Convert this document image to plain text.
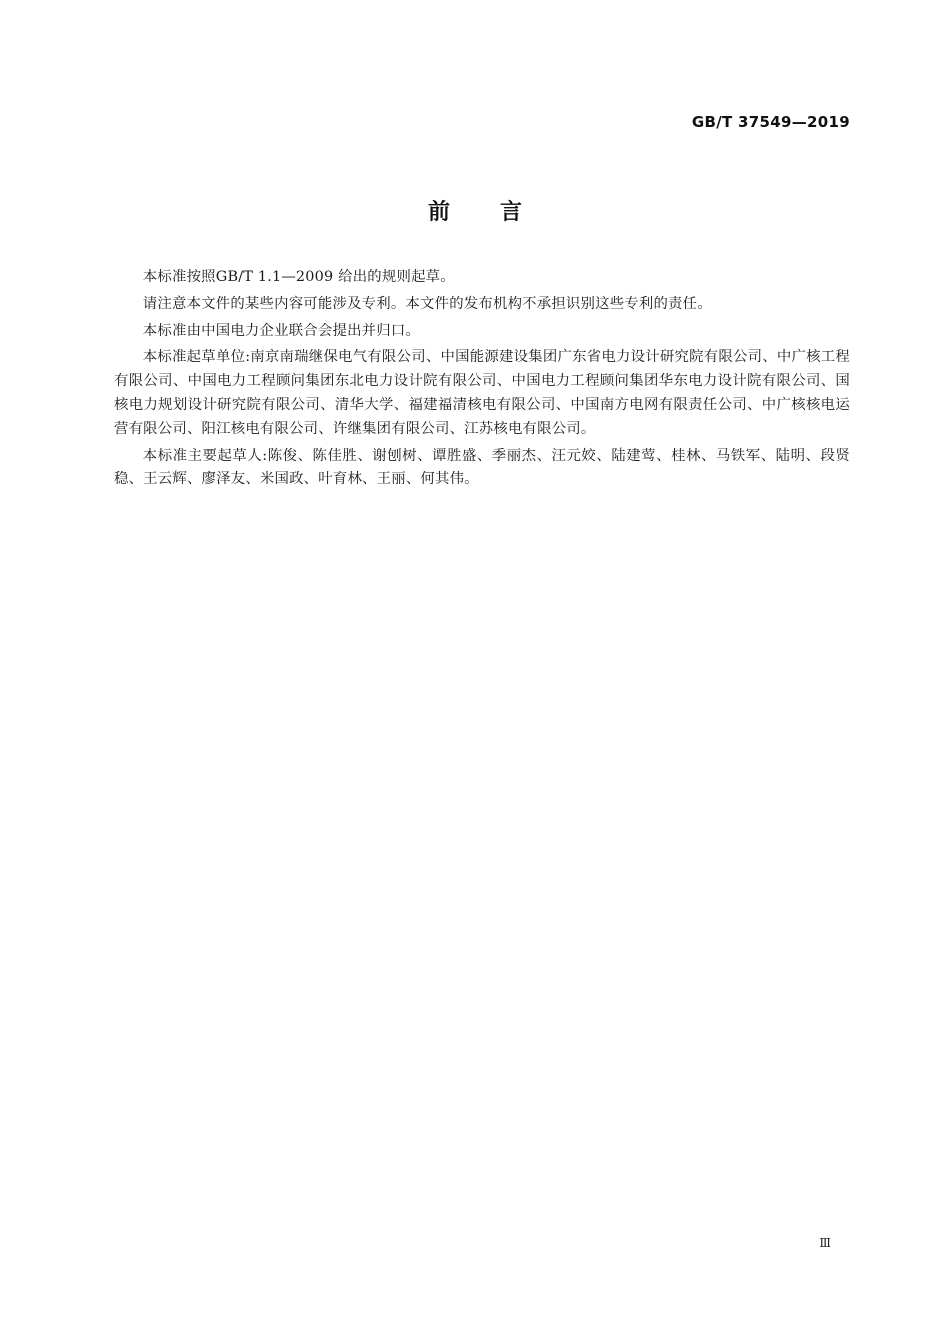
GB/T 37549—2019
前言

本标准按照GB/T 1.1—2009 给出的规则起草。

请注意本文件的某些内容可能涉及专利。本文件的发布机构不承担识别这些专利的责任。

本标准由中国电力企业联合会提出并归口。

本标准起草单位:南京南瑞继保电气有限公司、中国能源建设集团广东省电力设计研究院有限公司、中广核工程有限公司、中国电力工程顾问集团东北电力设计院有限公司、中国电力工程顾问集团华东电力设计院有限公司、国核电力规划设计研究院有限公司、清华大学、福建福清核电有限公司、中国南方电网有限责任公司、中广核核电运营有限公司、阳江核电有限公司、许继集团有限公司、江苏核电有限公司。

本标准主要起草人:陈俊、陈佳胜、谢刨树、谭胜盛、季丽杰、汪元姣、陆建莺、桂林、马铁军、陆明、段贤稳、王云辉、廖泽友、米国政、叶育林、王丽、何其伟。

Ⅲ
